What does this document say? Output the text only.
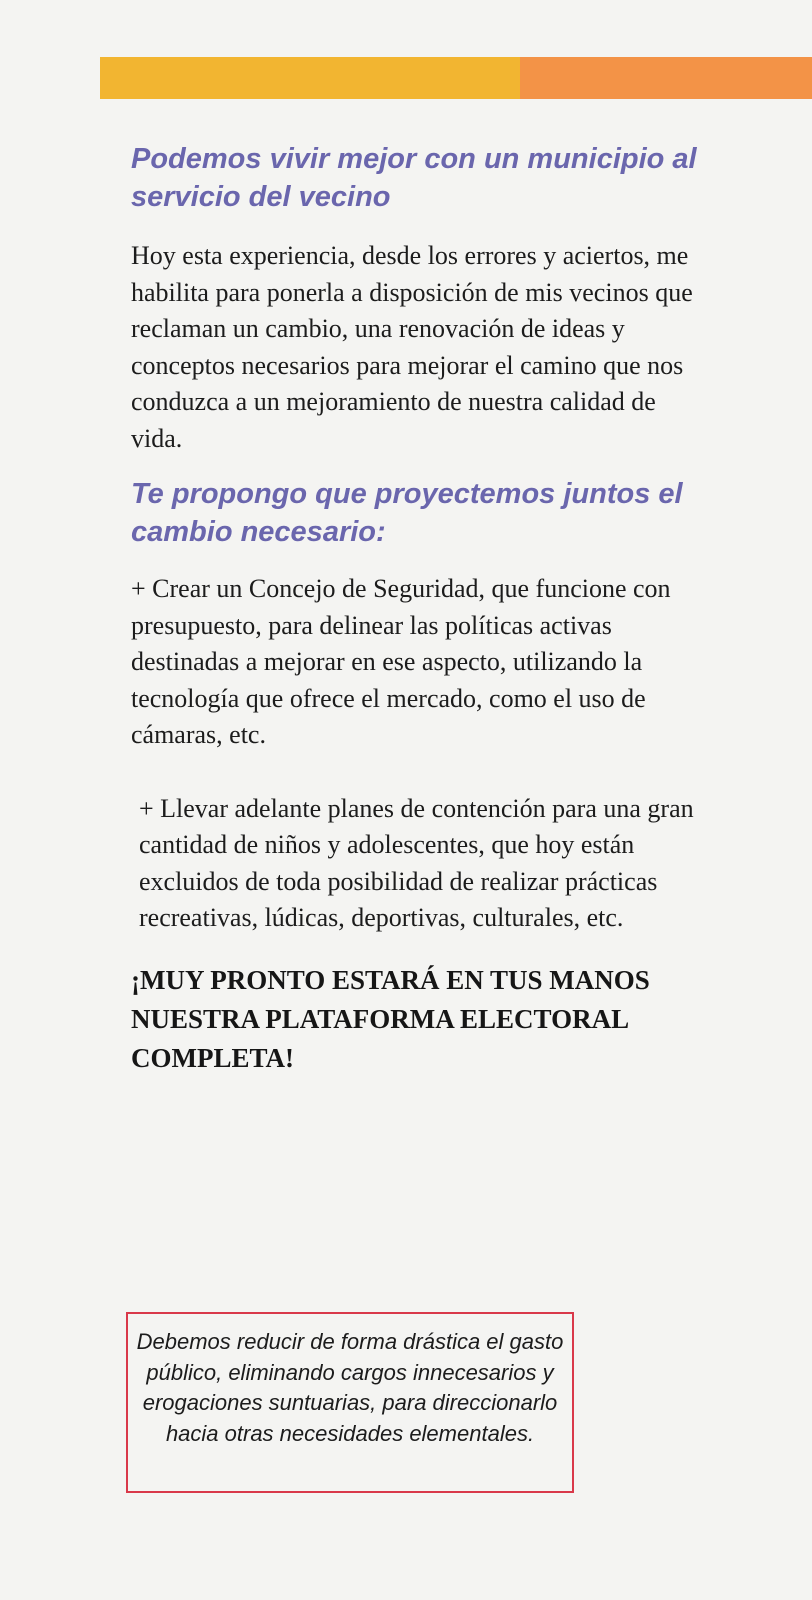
Podemos vivir mejor con un municipio al servicio del vecino

Hoy esta experiencia, desde los errores y aciertos, me habilita para ponerla a disposición de mis vecinos que reclaman un cambio, una renovación de ideas y conceptos necesarios para mejorar el camino que nos conduzca a un mejoramiento de nuestra calidad de vida.

Te propongo que proyectemos juntos el cambio necesario:

+ Crear un Concejo de Seguridad, que funcione con presupuesto, para delinear las políticas activas destinadas a mejorar en ese aspecto, utilizando la tecnología que ofrece el mercado, como el uso de cámaras, etc.

+ Llevar adelante planes de contención para una gran cantidad de niños y adolescentes, que hoy están excluidos de toda posibilidad de realizar prácticas recreativas, lúdicas, deportivas, culturales, etc.

¡MUY PRONTO ESTARÁ EN TUS MANOS NUESTRA PLATAFORMA ELECTORAL COMPLETA!

Debemos reducir de forma drástica el gasto público, eliminando cargos innecesarios y erogaciones suntuarias, para direccionarlo hacia otras necesidades elementales.
